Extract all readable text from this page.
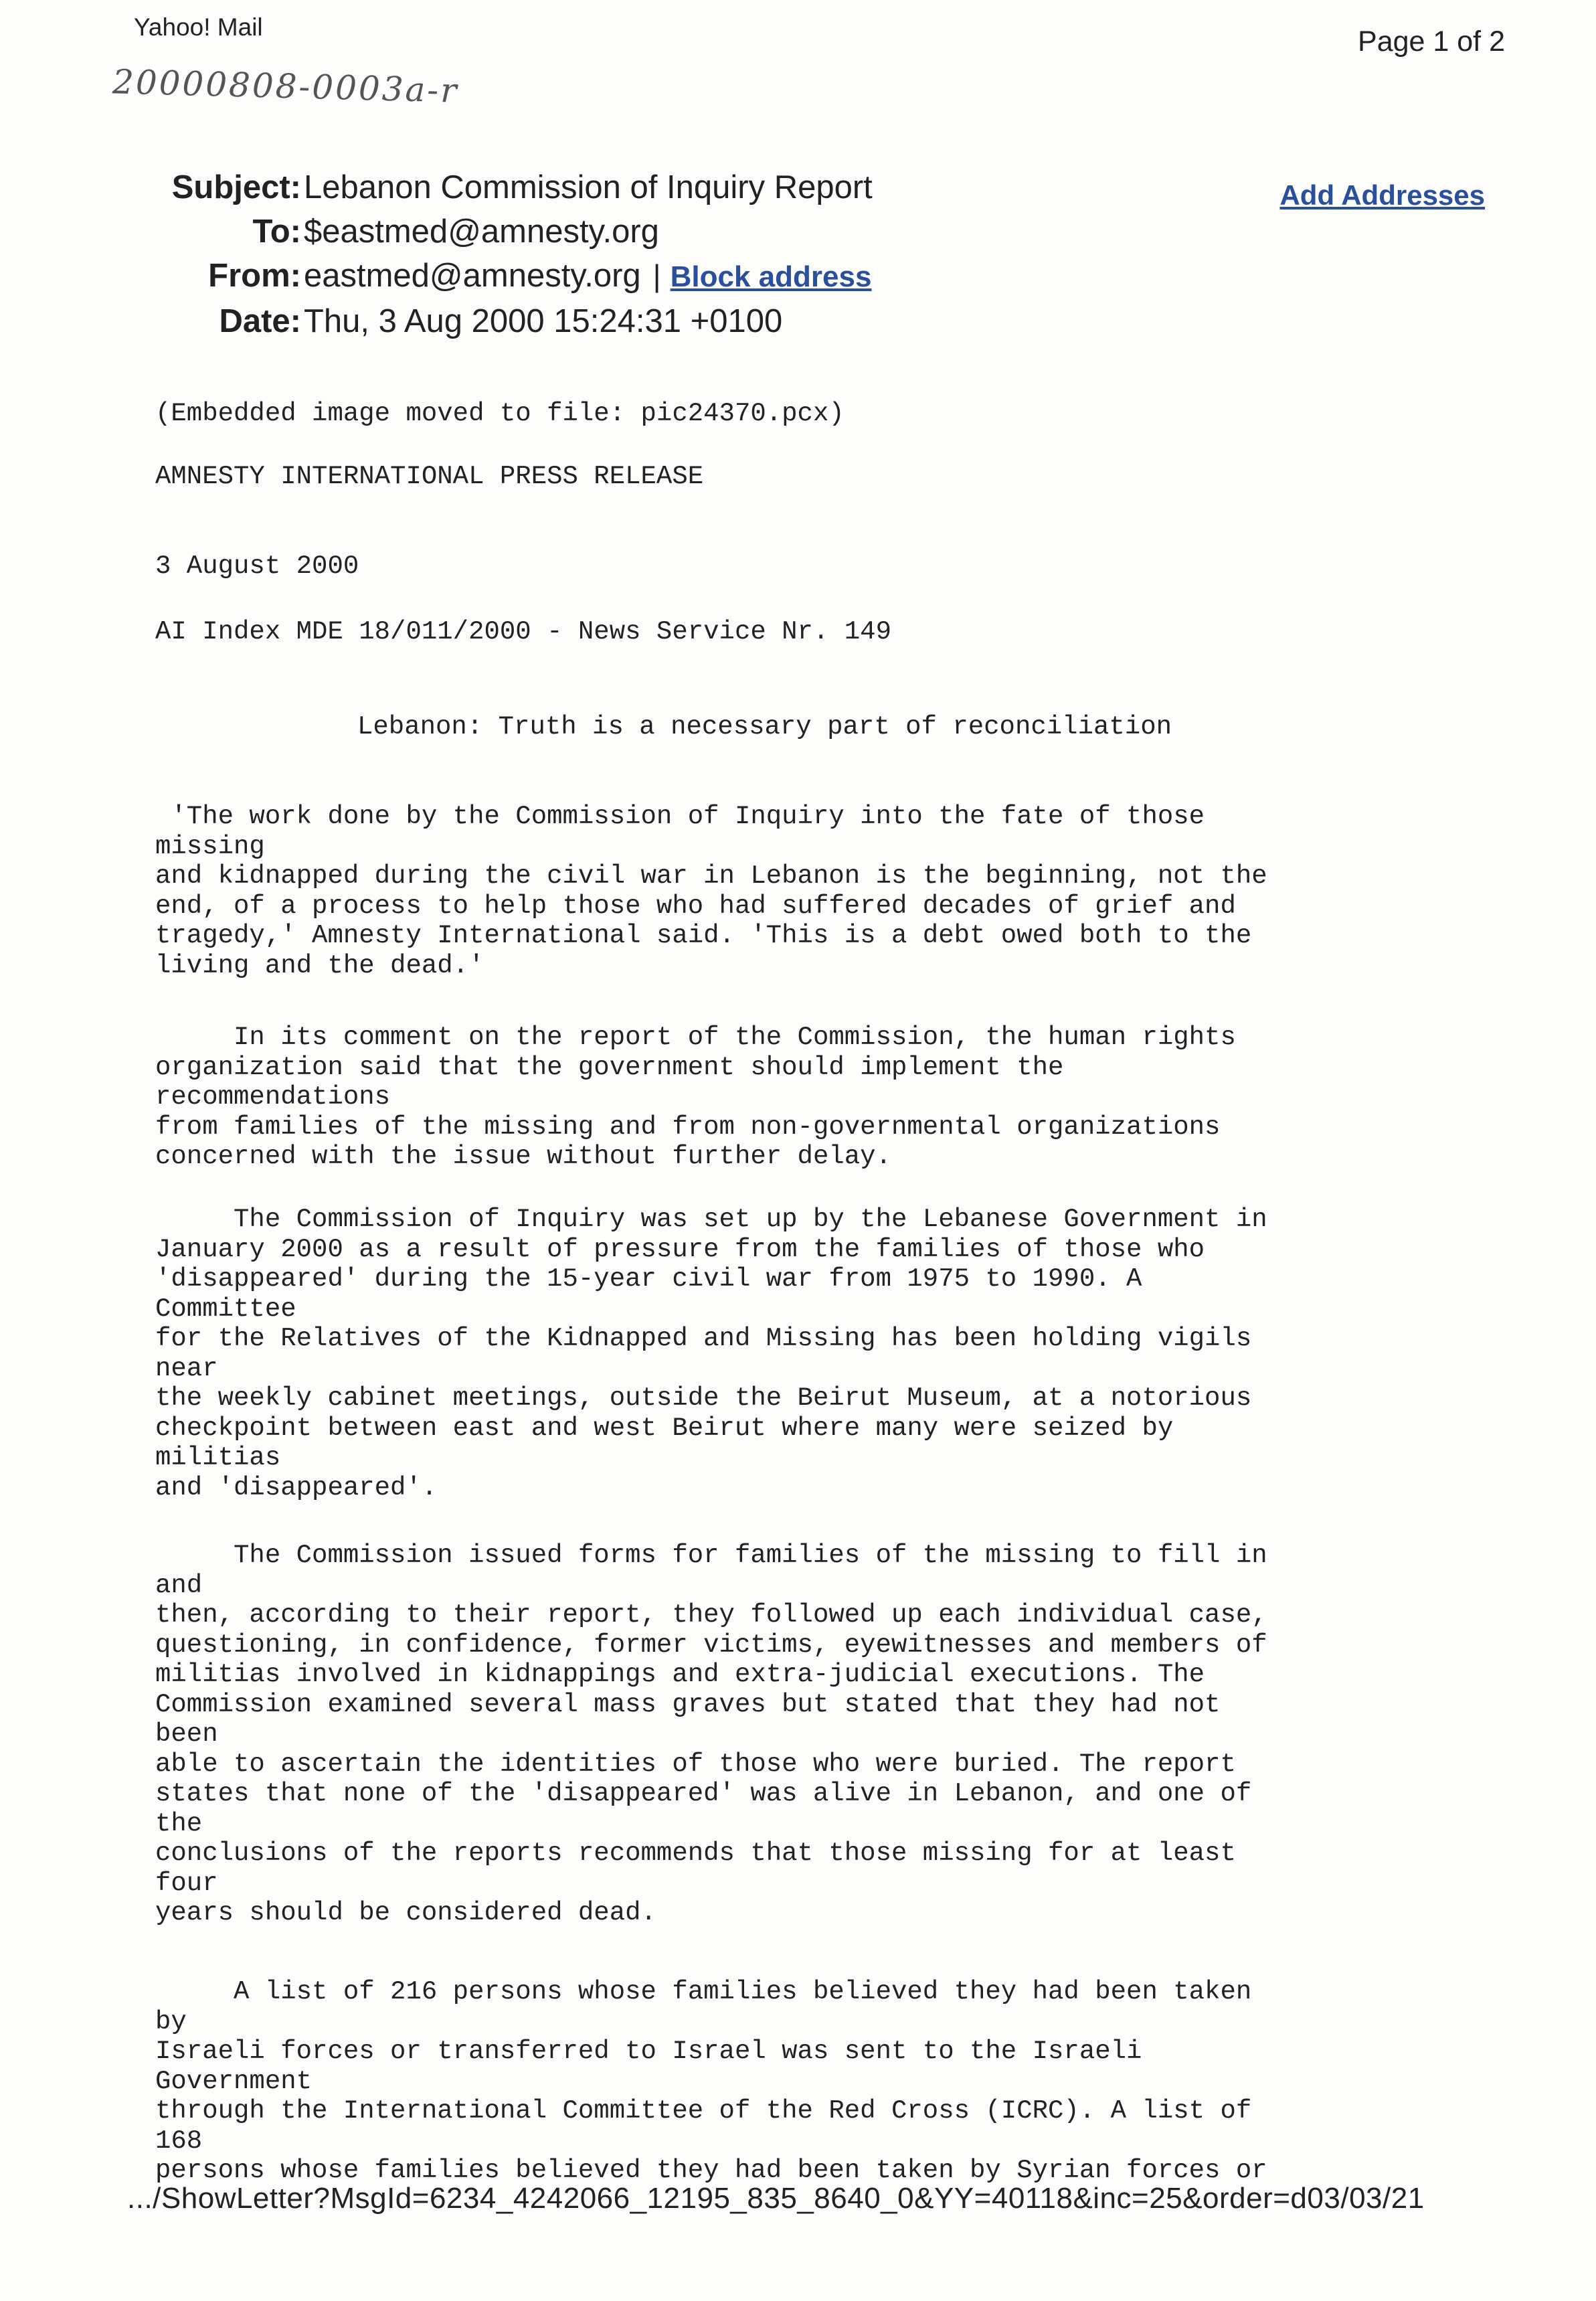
Yahoo! Mail	Page 1 of 2
20000808-0003a-r
Subject:Lebanon Commission of Inquiry Report
To:$eastmed@amnesty.org
From:eastmed@amnesty.org | Block address
Date:Thu, 3 Aug 2000 15:24:31 +0100
Add Addresses
(Embedded image moved to file: pic24370.pcx)
AMNESTY INTERNATIONAL PRESS RELEASE
3 August 2000
AI Index MDE 18/011/2000 - News Service Nr. 149
Lebanon: Truth is a necessary part of reconciliation
'The work done by the Commission of Inquiry into the fate of those
missing
and kidnapped during the civil war in Lebanon is the beginning, not the
end, of a process to help those who had suffered decades of grief and
tragedy,' Amnesty International said. 'This is a debt owed both to the
living and the dead.'
In its comment on the report of the Commission, the human rights
organization said that the government should implement the
recommendations
from families of the missing and from non-governmental organizations
concerned with the issue without further delay.
The Commission of Inquiry was set up by the Lebanese Government in
January 2000 as a result of pressure from the families of those who
'disappeared' during the 15-year civil war from 1975 to 1990. A
Committee
for the Relatives of the Kidnapped and Missing has been holding vigils
near
the weekly cabinet meetings, outside the Beirut Museum, at a notorious
checkpoint between east and west Beirut where many were seized by
militias
and 'disappeared'.
The Commission issued forms for families of the missing to fill in
and
then, according to their report, they followed up each individual case,
questioning, in confidence, former victims, eyewitnesses and members of
militias involved in kidnappings and extra-judicial executions. The
Commission examined several mass graves but stated that they had not
been
able to ascertain the identities of those who were buried. The report
states that none of the 'disappeared' was alive in Lebanon, and one of
the
conclusions of the reports recommends that those missing for at least
four
years should be considered dead.
A list of 216 persons whose families believed they had been taken
by
Israeli forces or transferred to Israel was sent to the Israeli
Government
through the International Committee of the Red Cross (ICRC). A list of
168
persons whose families believed they had been taken by Syrian forces or
.../ShowLetter?MsgId=6234_4242066_12195_835_8640_0&YY=40118&inc=25&order=d03/03/21
